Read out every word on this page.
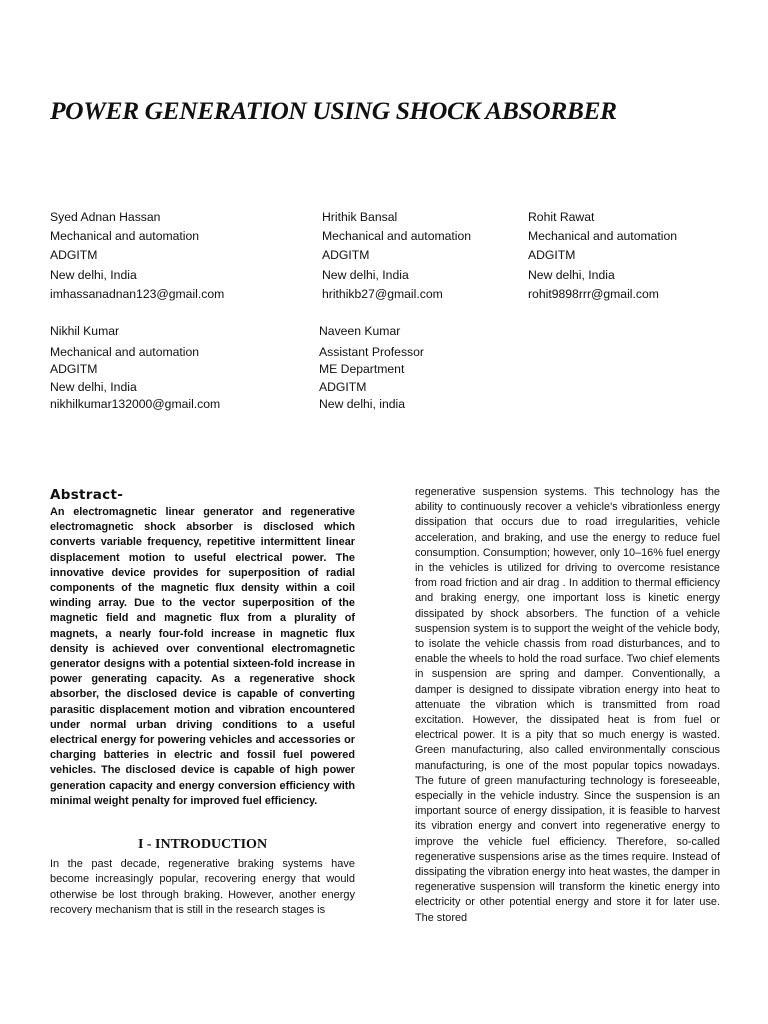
POWER GENERATION USING SHOCK ABSORBER
Syed Adnan Hassan
Mechanical and automation
ADGITM
New delhi, India
imhassanadnan123@gmail.com
Hrithik Bansal
Mechanical and automation
ADGITM
New delhi, India
hrithikb27@gmail.com
Rohit Rawat
Mechanical and automation
ADGITM
New delhi, India
rohit9898rrr@gmail.com
Nikhil Kumar
Mechanical and automation
ADGITM
New delhi, India
nikhilkumar132000@gmail.com
Naveen Kumar
Assistant Professor
ME Department
ADGITM
New delhi, india
Abstract-

An electromagnetic linear generator and regenerative electromagnetic shock absorber is disclosed which converts variable frequency, repetitive intermittent linear displacement motion to useful electrical power. The innovative device provides for superposition of radial components of the magnetic flux density within a coil winding array. Due to the vector superposition of the magnetic field and magnetic flux from a plurality of magnets, a nearly four-fold increase in magnetic flux density is achieved over conventional electromagnetic generator designs with a potential sixteen-fold increase in power generating capacity. As a regenerative shock absorber, the disclosed device is capable of converting parasitic displacement motion and vibration encountered under normal urban driving conditions to a useful electrical energy for powering vehicles and accessories or charging batteries in electric and fossil fuel powered vehicles. The disclosed device is capable of high power generation capacity and energy conversion efficiency with minimal weight penalty for improved fuel efficiency.

I - INTRODUCTION

In the past decade, regenerative braking systems have become increasingly popular, recovering energy that would otherwise be lost through braking. However, another energy recovery mechanism that is still in the research stages is

regenerative suspension systems. This technology has the ability to continuously recover a vehicle's vibrationless energy dissipation that occurs due to road irregularities, vehicle acceleration, and braking, and use the energy to reduce fuel consumption. Consumption; however, only 10–16% fuel energy in the vehicles is utilized for driving to overcome resistance from road friction and air drag . In addition to thermal efficiency and braking energy, one important loss is kinetic energy dissipated by shock absorbers. The function of a vehicle suspension system is to support the weight of the vehicle body, to isolate the vehicle chassis from road disturbances, and to enable the wheels to hold the road surface. Two chief elements in suspension are spring and damper. Conventionally, a damper is designed to dissipate vibration energy into heat to attenuate the vibration which is transmitted from road excitation. However, the dissipated heat is from fuel or electrical power. It is a pity that so much energy is wasted. Green manufacturing, also called environmentally conscious manufacturing, is one of the most popular topics nowadays. The future of green manufacturing technology is foreseeable, especially in the vehicle industry. Since the suspension is an important source of energy dissipation, it is feasible to harvest its vibration energy and convert into regenerative energy to improve the vehicle fuel efficiency. Therefore, so-called regenerative suspensions arise as the times require. Instead of dissipating the vibration energy into heat wastes, the damper in regenerative suspension will transform the kinetic energy into electricity or other potential energy and store it for later use. The stored
